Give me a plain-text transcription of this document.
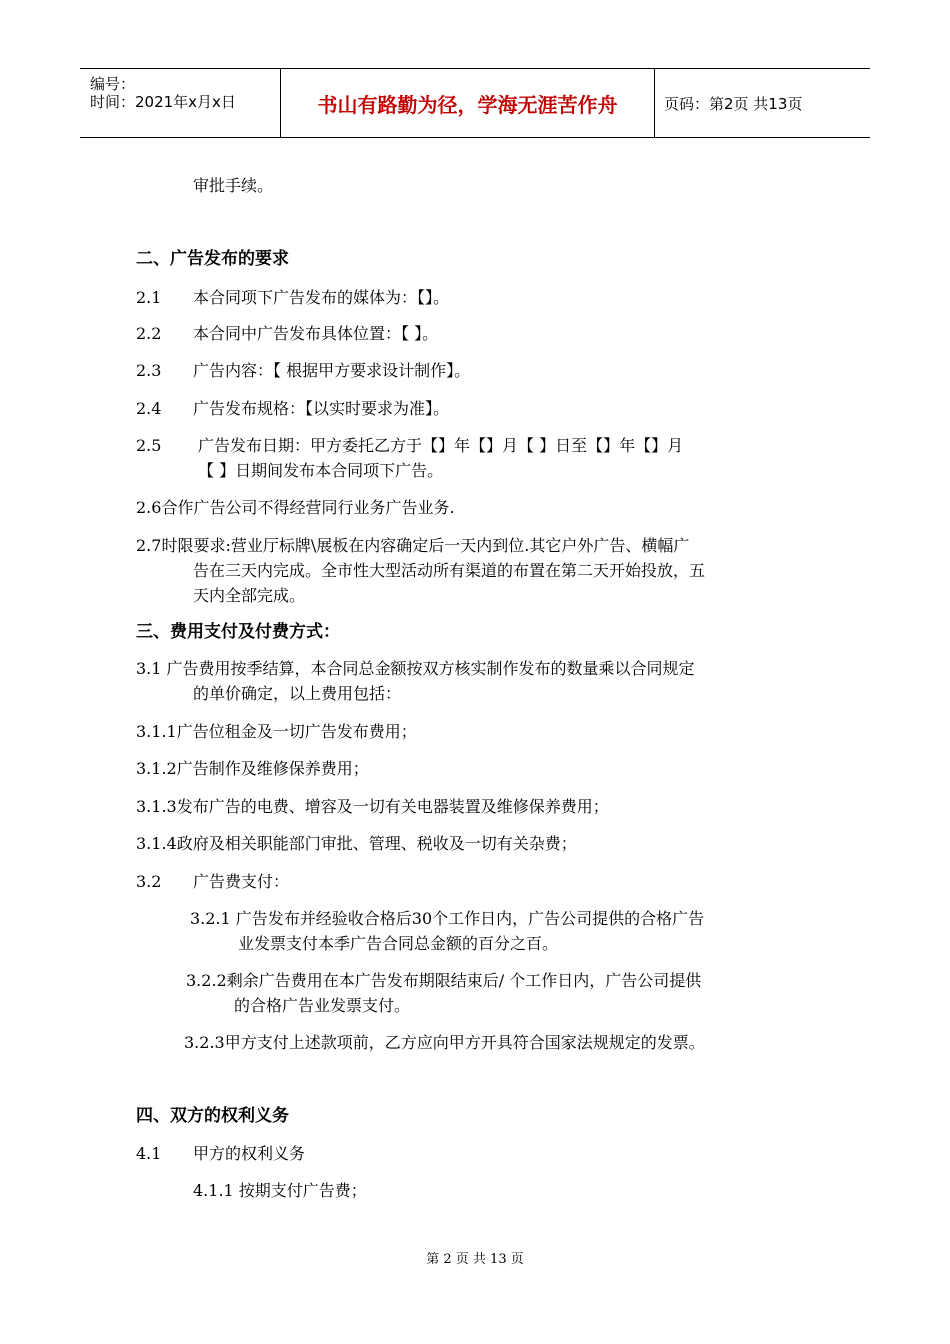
编号：
时间：2021年x月x日	书山有路勤为径，学海无涯苦作舟	页码：第2页 共13页
审批手续。
二、广告发布的要求
2.1 本合同项下广告发布的媒体为：【】。
2.2 本合同中广告发布具体位置：【 】。
2.3 广告内容：【 根据甲方要求设计制作】。
2.4 广告发布规格：【以实时要求为准】。
2.5 广告发布日期：甲方委托乙方于【】年【】月【 】日至【】年【】月
【 】日期间发布本合同项下广告。
2.6合作广告公司不得经营同行业务广告业务.
2.7时限要求:营业厅标牌\展板在内容确定后一天内到位.其它户外广告、横幅广
告在三天内完成。全市性大型活动所有渠道的布置在第二天开始投放，五
天内全部完成。
三、费用支付及付费方式：
3.1 广告费用按季结算，本合同总金额按双方核实制作发布的数量乘以合同规定
的单价确定，以上费用包括：
3.1.1广告位租金及一切广告发布费用；
3.1.2广告制作及维修保养费用；
3.1.3发布广告的电费、增容及一切有关电器装置及维修保养费用；
3.1.4政府及相关职能部门审批、管理、税收及一切有关杂费；
3.2 广告费支付：
3.2.1 广告发布并经验收合格后30个工作日内，广告公司提供的合格广告
业发票支付本季广告合同总金额的百分之百。
3.2.2剩余广告费用在本广告发布期限结束后/ 个工作日内，广告公司提供
的合格广告业发票支付。
3.2.3甲方支付上述款项前，乙方应向甲方开具符合国家法规规定的发票。
四、双方的权利义务
4.1 甲方的权利义务
4.1.1 按期支付广告费；
第 2 页 共 13 页
